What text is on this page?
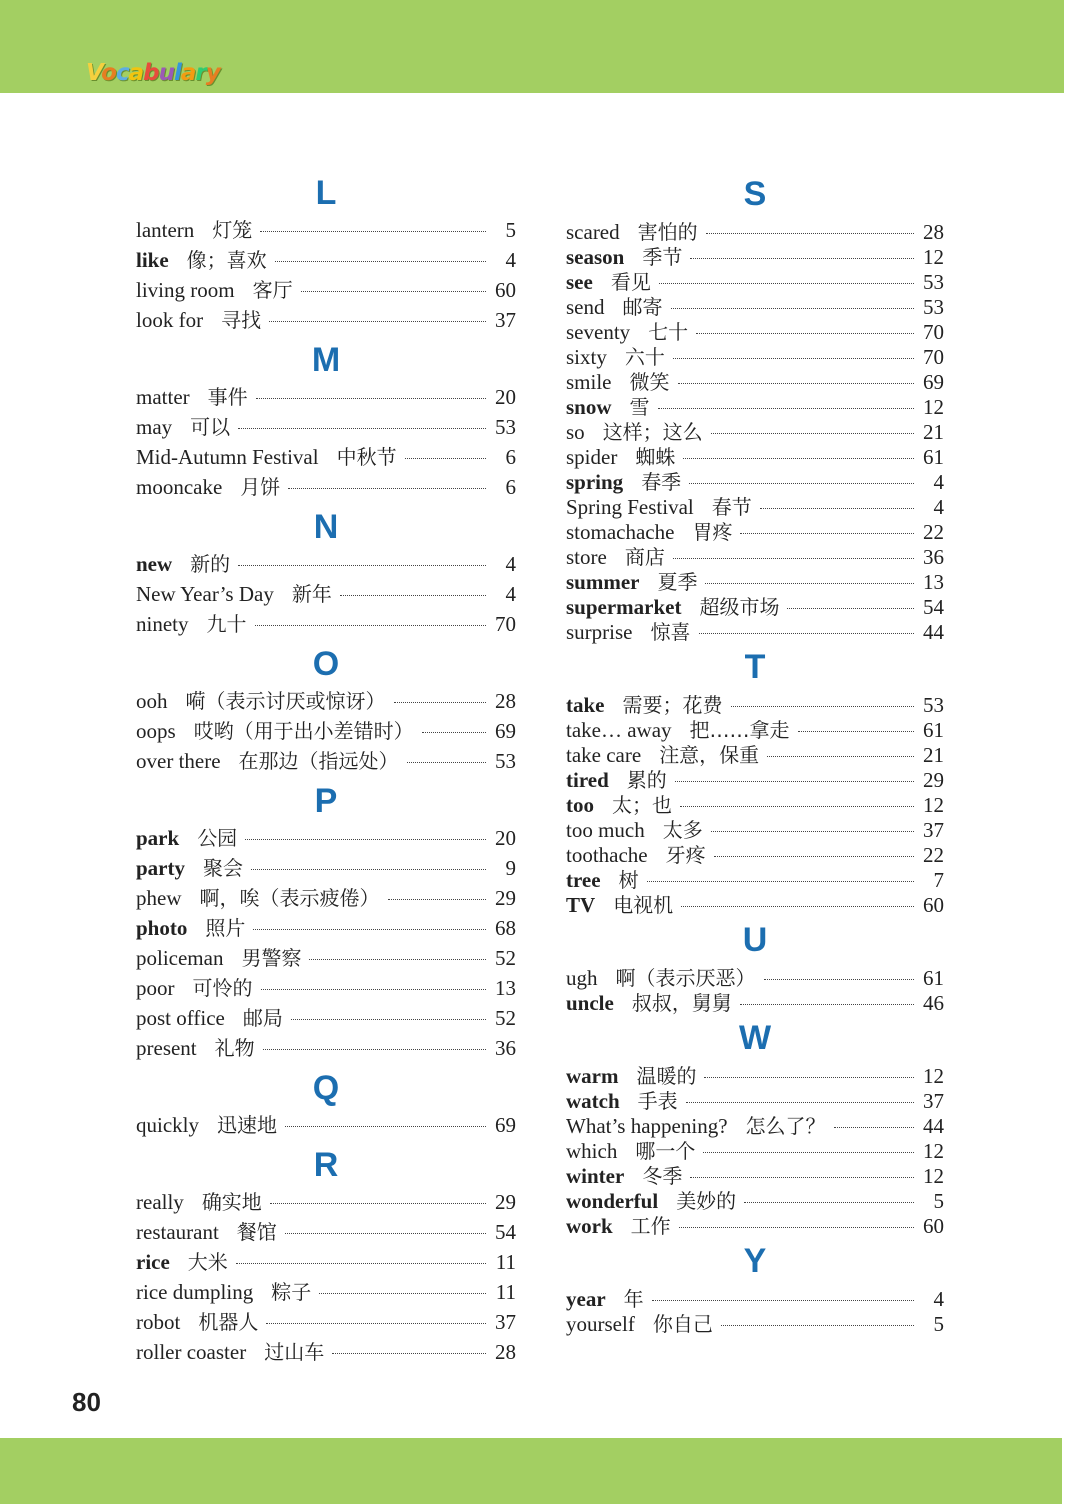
Vocabulary
L
lantern 灯笼	5
like 像；喜欢	4
living room 客厅	60
look for 寻找	37
M
matter 事件	20
may 可以	53
Mid-Autumn Festival 中秋节	6
mooncake 月饼	6
N
new 新的	4
New Year’s Day 新年	4
ninety 九十	70
O
ooh 嗬（表示讨厌或惊讶）	28
oops 哎哟（用于出小差错时）	69
over there 在那边（指远处）	53
P
park 公园	20
party 聚会	9
phew 啊，唉（表示疲倦）	29
photo 照片	68
policeman 男警察	52
poor 可怜的	13
post office 邮局	52
present 礼物	36
Q
quickly 迅速地	69
R
really 确实地	29
restaurant 餐馆	54
rice 大米	11
rice dumpling 粽子	11
robot 机器人	37
roller coaster 过山车	28
S
scared 害怕的	28
season 季节	12
see 看见	53
send 邮寄	53
seventy 七十	70
sixty 六十	70
smile 微笑	69
snow 雪	12
so 这样；这么	21
spider 蜘蛛	61
spring 春季	4
Spring Festival 春节	4
stomachache 胃疼	22
store 商店	36
summer 夏季	13
supermarket 超级市场	54
surprise 惊喜	44
T
take 需要；花费	53
take… away 把……拿走	61
take care 注意，保重	21
tired 累的	29
too 太；也	12
too much 太多	37
toothache 牙疼	22
tree 树	7
TV 电视机	60
U
ugh 啊（表示厌恶）	61
uncle 叔叔，舅舅	46
W
warm 温暖的	12
watch 手表	37
What’s happening? 怎么了？	44
which 哪一个	12
winter 冬季	12
wonderful 美妙的	5
work 工作	60
Y
year 年	4
yourself 你自己	5
80
